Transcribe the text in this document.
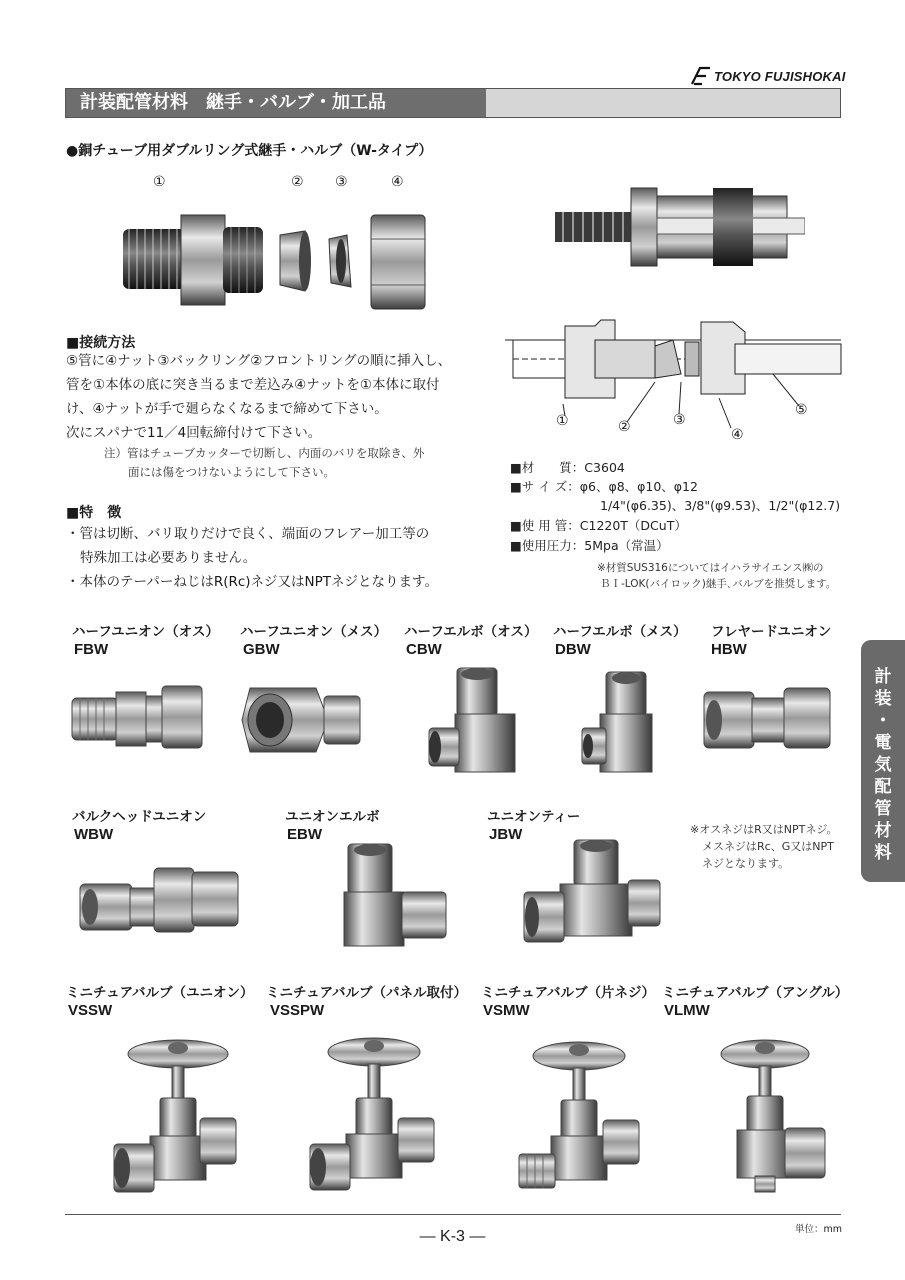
TOKYO FUJISHOKAI
計装配管材料　継手・バルブ・加工品
●銅チューブ用ダブルリング式継手・ハルブ（W-タイプ）
①	② ③	④
①	②	③
④
⑤
■接続方法
⑤管に④ナット③バックリング②フロントリングの順に挿入し、
管を①本体の底に突き当るまで差込み④ナットを①本体に取付
け、④ナットが手で廻らなくなるまで締めて下さい。
次にスパナで11／4回転締付けて下さい。
注）管はチューブカッターで切断し、内面のバリを取除き、外
面には傷をつけないようにして下さい。
■特　徴
・管は切断、バリ取りだけで良く、端面のフレアー加工等の
特殊加工は必要ありません。
・本体のテーパーねじはR(Rc)ネジ又はNPTネジとなります。
■材　　質：C3604
■サ イ ズ：φ6、φ8、φ10、φ12
1/4"(φ6.35)、3/8"(φ9.53)、1/2"(φ12.7)
■使 用 管：C1220T（DCuT）
■使用圧力：5Mpa（常温）
※材質SUS316についてはイハラサイエンス㈱の
ＢＩ-LOK(バイロック)継手､バルブを推奨します。
計
装
・
電
気
配
管
材
料
ハーフユニオン（オス）
FBW
ハーフユニオン（メス）
GBW
ハーフエルボ（オス）
CBW
ハーフエルボ（メス）
DBW
フレヤードユニオン
HBW
バルクヘッドユニオン
WBW
ユニオンエルボ
EBW
ユニオンティー
JBW	※オスネジはR又はNPTネジ。
メスネジはRc、G又はNPT
ネジとなります。
ミニチュアバルブ（ユニオン）
VSSW
ミニチュアバルブ（パネル取付）
VSSPW
ミニチュアバルブ（片ネジ）
VSMW
ミニチュアバルブ（アングル）
VLMW
単位：mm
― K-3 ―
